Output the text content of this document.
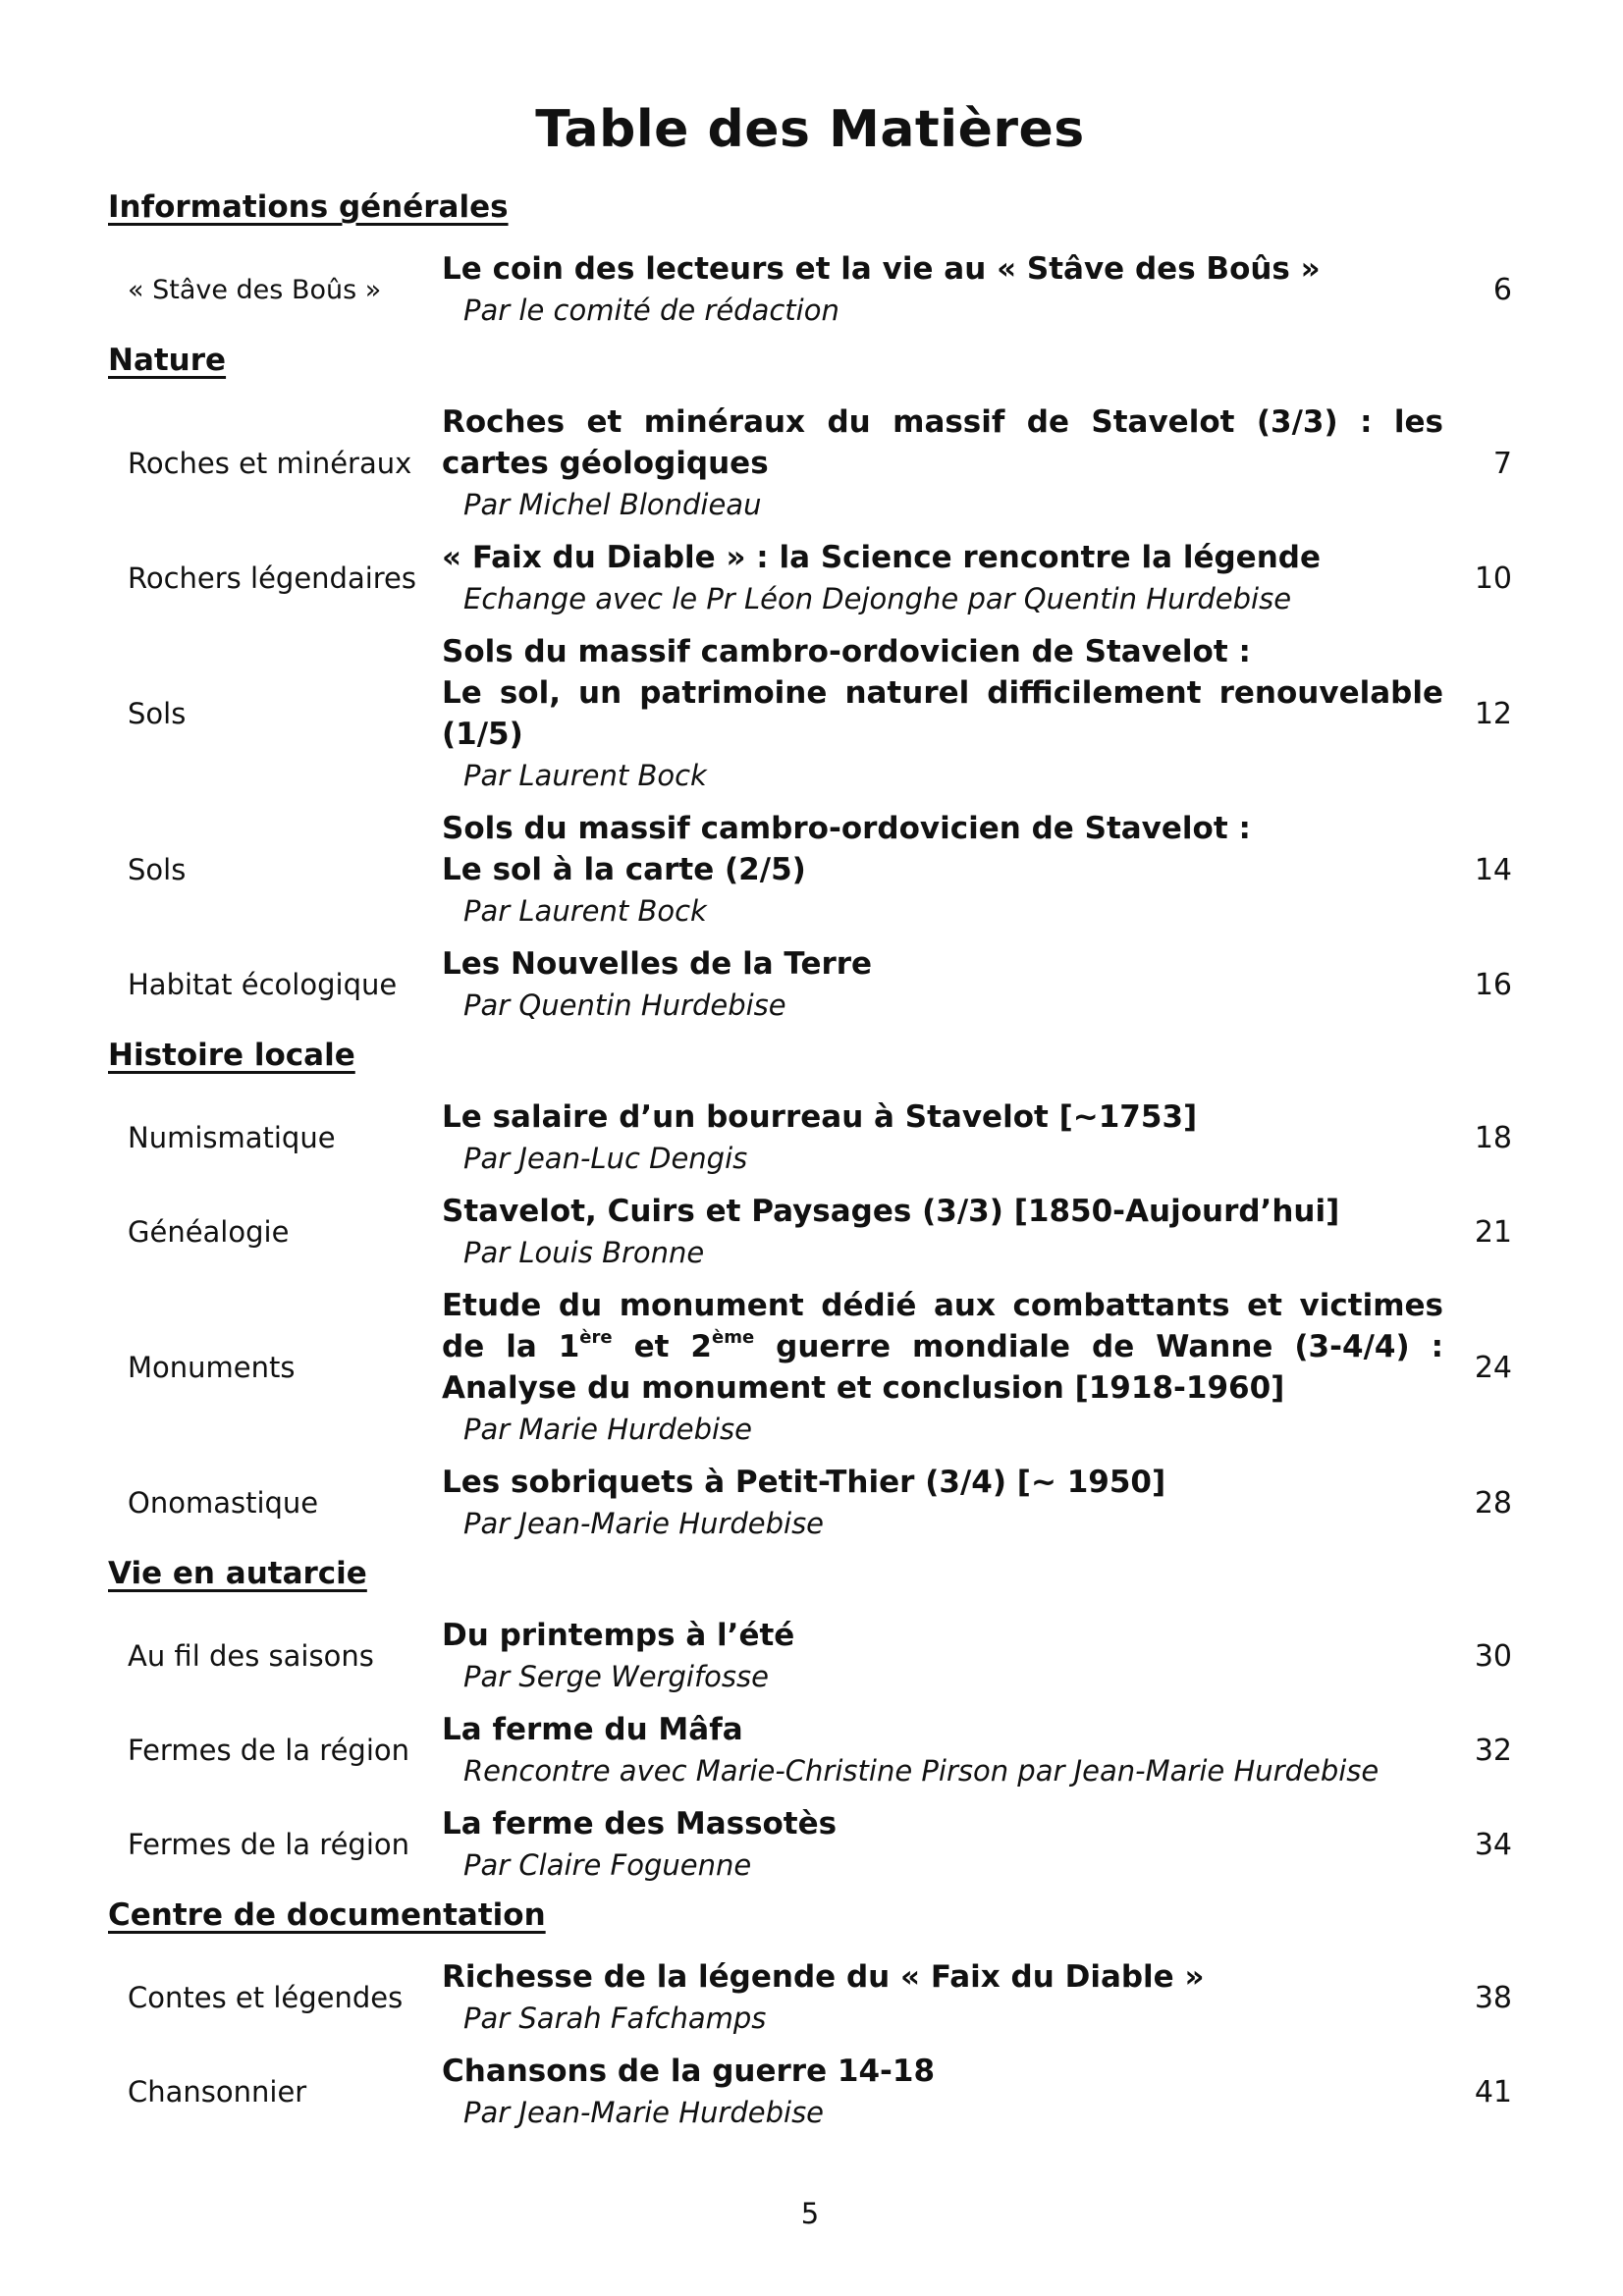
Table des Matières
Informations générales
« Stâve des Boûs »
Le coin des lecteurs et la vie au « Stâve des Boûs »
Par le comité de rédaction
6
Nature
Roches et minéraux
Roches et minéraux du massif de Stavelot (3/3) : les cartes géologiques
Par Michel Blondieau
7
Rochers légendaires
« Faix du Diable » : la Science rencontre la légende
Echange avec le Pr Léon Dejonghe par Quentin Hurdebise
10
Sols
Sols du massif cambro-ordovicien de Stavelot :
Le sol, un patrimoine naturel difficilement renouvelable (1/5)
Par Laurent Bock
12
Sols
Sols du massif cambro-ordovicien de Stavelot :
Le sol à la carte (2/5)
Par Laurent Bock
14
Habitat écologique
Les Nouvelles de la Terre
Par Quentin Hurdebise
16
Histoire locale
Numismatique
Le salaire d’un bourreau à Stavelot [~1753]
Par Jean-Luc Dengis
18
Généalogie
Stavelot, Cuirs et Paysages (3/3) [1850-Aujourd’hui]
Par Louis Bronne
21
Monuments
Etude du monument dédié aux combattants et victimes de la 1ère et 2ème guerre mondiale de Wanne (3-4/4) : Analyse du monument et conclusion [1918-1960]
Par Marie Hurdebise
24
Onomastique
Les sobriquets à Petit-Thier (3/4) [~ 1950]
Par Jean-Marie Hurdebise
28
Vie en autarcie
Au fil des saisons
Du printemps à l’été
Par Serge Wergifosse
30
Fermes de la région
La ferme du Mâfa
Rencontre avec Marie-Christine Pirson par Jean-Marie Hurdebise
32
Fermes de la région
La ferme des Massotès
Par Claire Foguenne
34
Centre de documentation
Contes et légendes
Richesse de la légende du « Faix du Diable »
Par Sarah Fafchamps
38
Chansonnier
Chansons de la guerre 14-18
Par Jean-Marie Hurdebise
41
5
